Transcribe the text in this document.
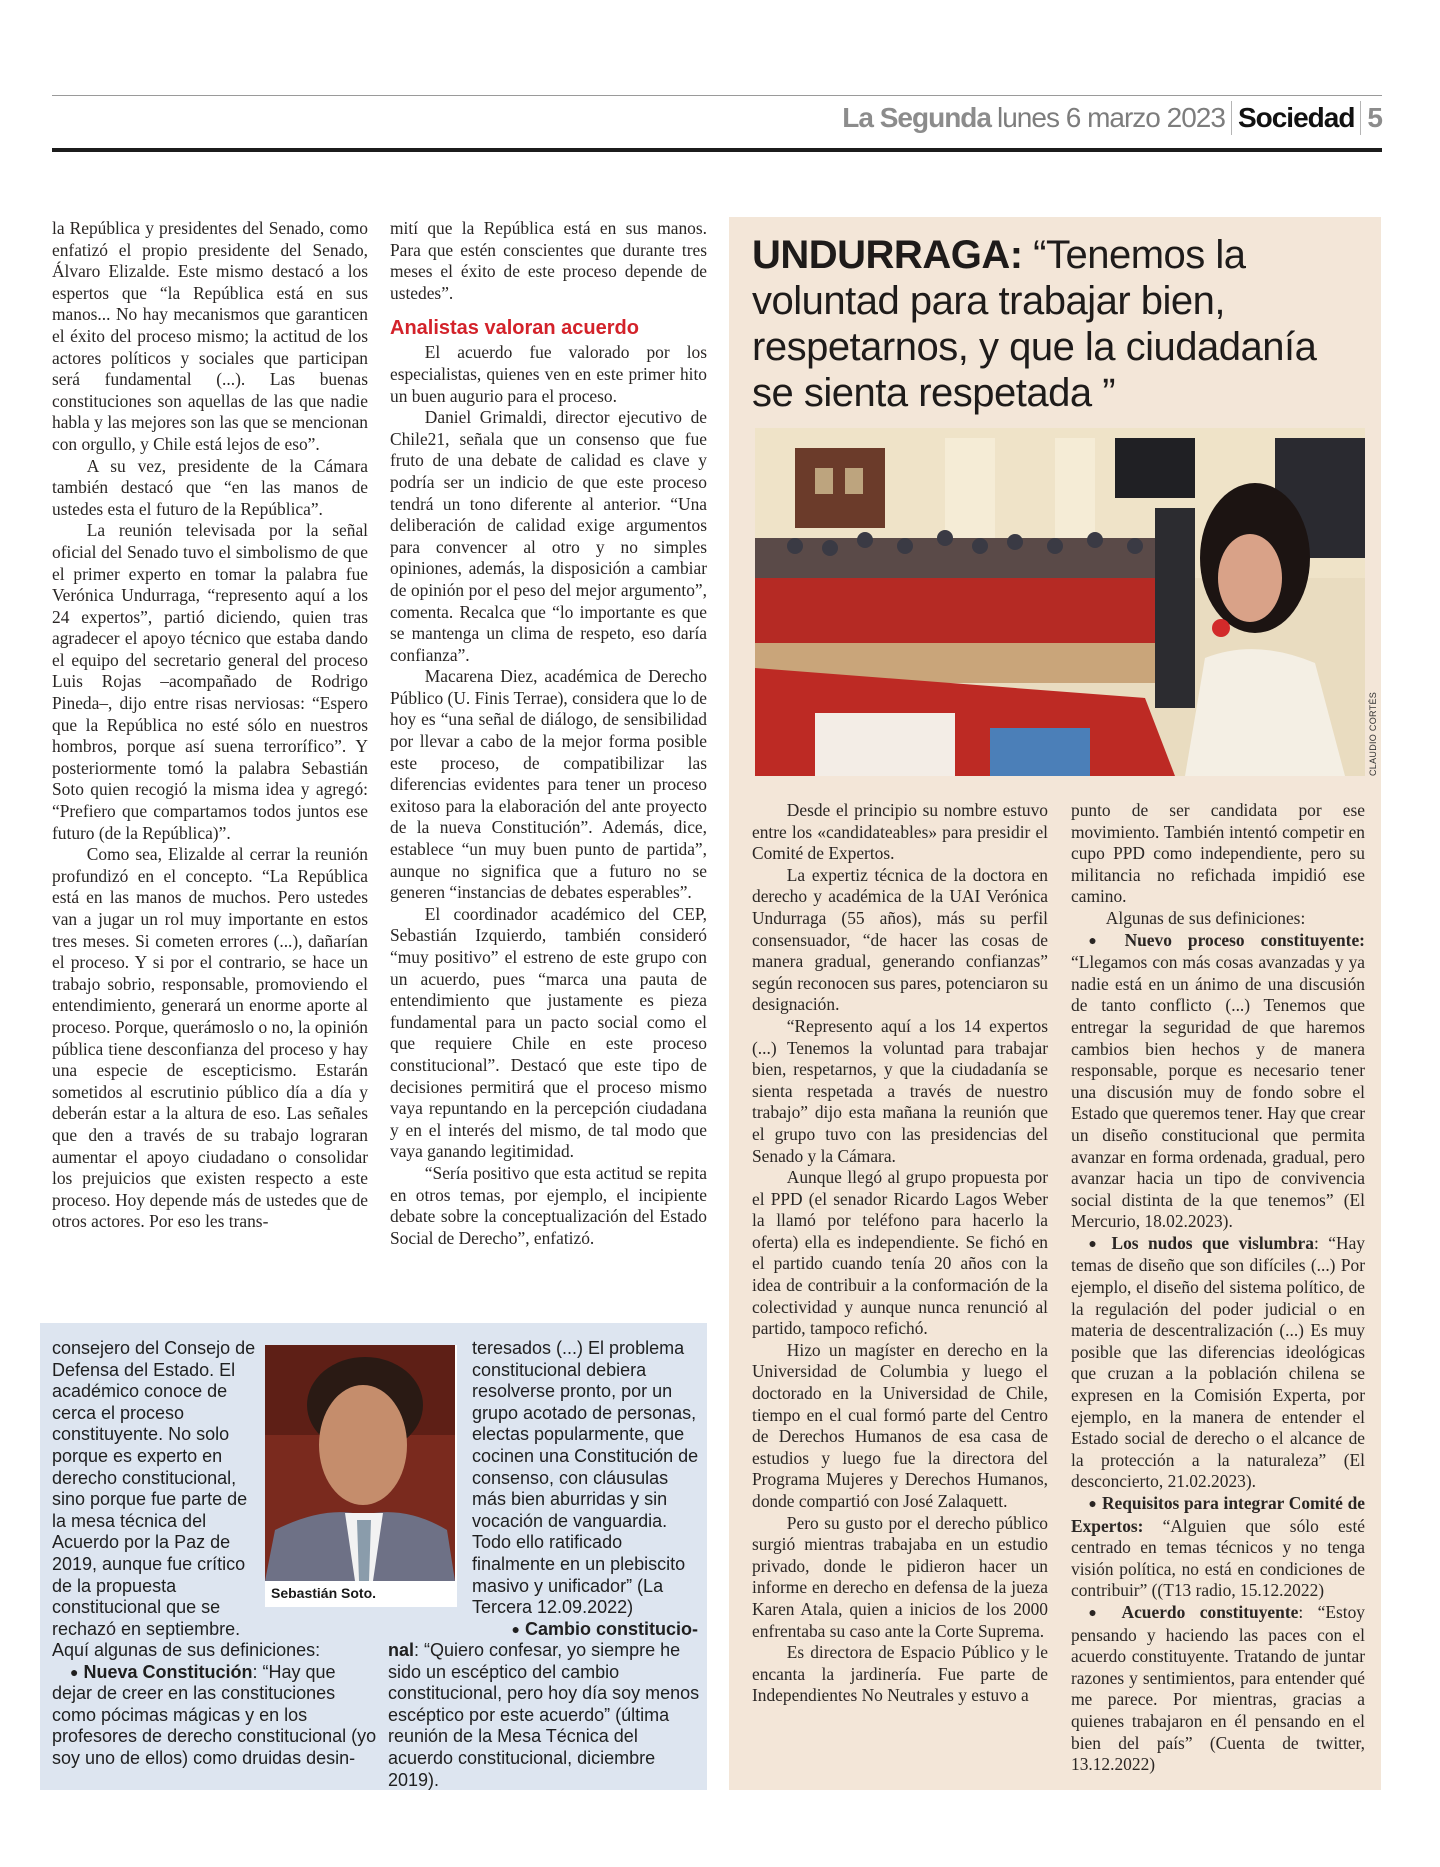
La Segunda lunes 6 marzo 2023 Sociedad 5

la República y presidentes del Senado, como enfatizó el propio presidente del Senado, Álvaro Elizalde. Este mismo destacó a los espertos que “la República está en sus manos... No hay mecanismos que garanticen el éxito del proceso mismo; la actitud de los actores políticos y sociales que participan será fundamental (...). Las buenas constituciones son aquellas de las que nadie habla y las mejores son las que se mencionan con orgullo, y Chile está lejos de eso”.

A su vez, presidente de la Cámara también destacó que “en las manos de ustedes esta el futuro de la República”.

La reunión televisada por la señal oficial del Senado tuvo el simbolismo de que el primer experto en tomar la palabra fue Verónica Undurraga, “represento aquí a los 24 expertos”, partió diciendo, quien tras agradecer el apoyo técnico que estaba dando el equipo del secretario general del proceso Luis Rojas –acompañado de Rodrigo Pineda–, dijo entre risas nerviosas: “Espero que la República no esté sólo en nuestros hombros, porque así suena terrorífico”. Y posteriormente tomó la palabra Sebastián Soto quien recogió la misma idea y agregó: “Prefiero que compartamos todos juntos ese futuro (de la República)”.

Como sea, Elizalde al cerrar la reunión profundizó en el concepto. “La República está en las manos de muchos. Pero ustedes van a jugar un rol muy importante en estos tres meses. Si cometen errores (...), dañarían el proceso. Y si por el contrario, se hace un trabajo sobrio, responsable, promoviendo el entendimiento, generará un enorme aporte al proceso. Porque, querámoslo o no, la opinión pública tiene desconfianza del proceso y hay una especie de escepticismo. Estarán sometidos al escrutinio público día a día y deberán estar a la altura de eso. Las señales que den a través de su trabajo lograran aumentar el apoyo ciudadano o consolidar los prejuicios que existen respecto a este proceso. Hoy depende más de ustedes que de otros actores. Por eso les trans-

mití que la República está en sus manos. Para que estén conscientes que durante tres meses el éxito de este proceso depende de ustedes”.

Analistas valoran acuerdo

El acuerdo fue valorado por los especialistas, quienes ven en este primer hito un buen augurio para el proceso.

Daniel Grimaldi, director ejecutivo de Chile21, señala que un consenso que fue fruto de una debate de calidad es clave y podría ser un indicio de que este proceso tendrá un tono diferente al anterior. “Una deliberación de calidad exige argumentos para convencer al otro y no simples opiniones, además, la disposición a cambiar de opinión por el peso del mejor argumento”, comenta. Recalca que “lo importante es que se mantenga un clima de respeto, eso daría confianza”.

Macarena Diez, académica de Derecho Público (U. Finis Terrae), considera que lo de hoy es “una señal de diálogo, de sensibilidad por llevar a cabo de la mejor forma posible este proceso, de compatibilizar las diferencias evidentes para tener un proceso exitoso para la elaboración del ante proyecto de la nueva Constitución”. Además, dice, establece “un muy buen punto de partida”, aunque no significa que a futuro no se generen “instancias de debates esperables”.

El coordinador académico del CEP, Sebastián Izquierdo, también consideró “muy positivo” el estreno de este grupo con un acuerdo, pues “marca una pauta de entendimiento que justamente es pieza fundamental para un pacto social como el que requiere Chile en este proceso constitucional”. Destacó que este tipo de decisiones permitirá que el proceso mismo vaya repuntando en la percepción ciudadana y en el interés del mismo, de tal modo que vaya ganando legitimidad.

“Sería positivo que esta actitud se repita en otros temas, por ejemplo, el incipiente debate sobre la conceptualización del Estado Social de Derecho”, enfatizó.

UNDURRAGA: “Tenemos la voluntad para trabajar bien, respetarnos, y que la ciudadanía se sienta respetada ”
CLAUDIO CORTÉS

Desde el principio su nombre estuvo entre los «candidateables» para presidir el Comité de Expertos.

La expertiz técnica de la doctora en derecho y académica de la UAI Verónica Undurraga (55 años), más su perfil consensuador, “de hacer las cosas de manera gradual, generando confianzas” según reconocen sus pares, potenciaron su designación.

“Represento aquí a los 14 expertos (...) Tenemos la voluntad para trabajar bien, respetarnos, y que la ciudadanía se sienta respetada a través de nuestro trabajo” dijo esta mañana la reunión que el grupo tuvo con las presidencias del Senado y la Cámara.

Aunque llegó al grupo propuesta por el PPD (el senador Ricardo Lagos Weber la llamó por teléfono para hacerlo la oferta) ella es independiente. Se fichó en el partido cuando tenía 20 años con la idea de contribuir a la conformación de la colectividad y aunque nunca renunció al partido, tampoco refichó.

Hizo un magíster en derecho en la Universidad de Columbia y luego el doctorado en la Universidad de Chile, tiempo en el cual formó parte del Centro de Derechos Humanos de esa casa de estudios y luego fue la directora del Programa Mujeres y Derechos Humanos, donde compartió con José Zalaquett.

Pero su gusto por el derecho público surgió mientras trabajaba en un estudio privado, donde le pidieron hacer un informe en derecho en defensa de la jueza Karen Atala, quien a inicios de los 2000 enfrentaba su caso ante la Corte Suprema.

Es directora de Espacio Público y le encanta la jardinería. Fue parte de Independientes No Neutrales y estuvo a

punto de ser candidata por ese movimiento. También intentó competir en cupo PPD como independiente, pero su militancia no refichada impidió ese camino.

Algunas de sus definiciones:

● Nuevo proceso constituyente: “Llegamos con más cosas avanzadas y ya nadie está en un ánimo de una discusión de tanto conflicto (...) Tenemos que entregar la seguridad de que haremos cambios bien hechos y de manera responsable, porque es necesario tener una discusión muy de fondo sobre el Estado que queremos tener. Hay que crear un diseño constitucional que permita avanzar en forma ordenada, gradual, pero avanzar hacia un tipo de convivencia social distinta de la que tenemos” (El Mercurio, 18.02.2023).

● Los nudos que vislumbra: “Hay temas de diseño que son difíciles (...) Por ejemplo, el diseño del sistema político, de la regulación del poder judicial o en materia de descentralización (...) Es muy posible que las diferencias ideológicas que cruzan a la población chilena se expresen en la Comisión Experta, por ejemplo, en la manera de entender el Estado social de derecho o el alcance de la protección a la naturaleza” (El desconcierto, 21.02.2023).

● Requisitos para integrar Comité de Expertos: “Alguien que sólo esté centrado en temas técnicos y no tenga visión política, no está en condiciones de contribuir” ((T13 radio, 15.12.2022)

● Acuerdo constituyente: “Estoy pensando y haciendo las paces con el acuerdo constituyente. Tratando de juntar razones y sentimientos, para entender qué me parece. Por mientras, gracias a quienes trabajaron en él pensando en el bien del país” (Cuenta de twitter, 13.12.2022)

consejero del Consejo de Defensa del Estado. El académico conoce de cerca el proceso constituyente. No solo porque es experto en derecho constitucional, sino porque fue parte de la mesa técnica del Acuerdo por la Paz de 2019, aunque fue crítico de la propuesta constitucional que se rechazó en septiembre.

Sebastián Soto.

teresados (...) El problema constitucional debiera resolverse pronto, por un grupo acotado de personas, electas popularmente, que cocinen una Constitución de consenso, con cláusulas más bien aburridas y sin vocación de vanguardia. Todo ello ratificado finalmente en un plebiscito masivo y unificador” (La Tercera 12.09.2022)

● Cambio constitucio-

Aquí algunas de sus definiciones:

● Nueva Constitución: “Hay que dejar de creer en las constituciones como pócimas mágicas y en los profesores de derecho constitucional (yo soy uno de ellos) como druidas desin-

nal: “Quiero confesar, yo siempre he sido un escéptico del cambio constitucional, pero hoy día soy menos escéptico por este acuerdo” (última reunión de la Mesa Técnica del acuerdo constitucional, diciembre 2019).
